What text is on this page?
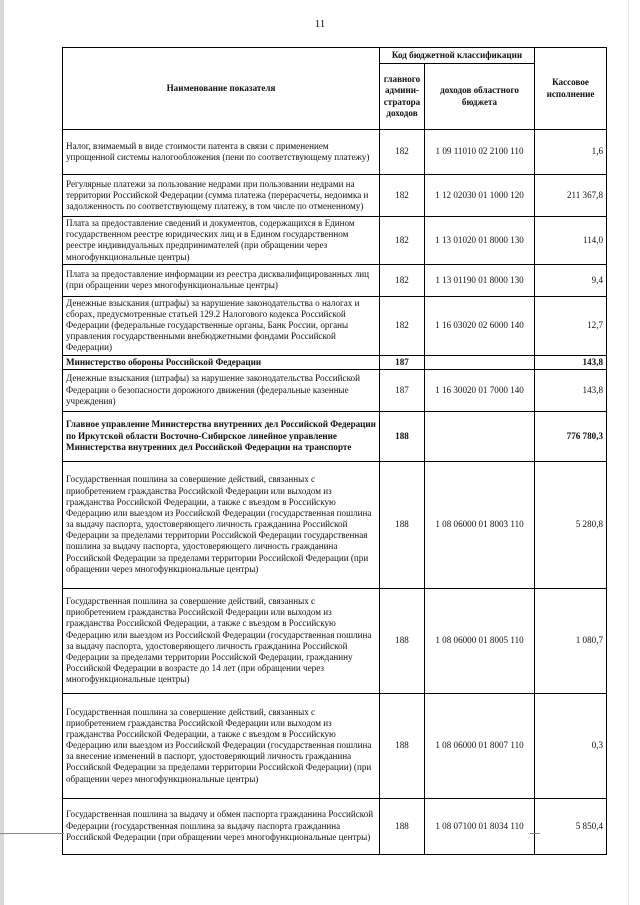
11
Наименование показателя	Код бюджетной классификации		Кассовое исполнение
	главного админи-стратора доходов	доходов областного бюджета	
Налог, взимаемый в виде стоимости патента в связи с применением упрощенной системы налогообложения (пени по соответствующему платежу)	182	1 09 11010 02 2100 110	1,6
Регулярные платежи за пользование недрами при пользовании недрами на территории Российской Федерации (сумма платежа (перерасчеты, недоимка и задолженность по соответствующему платежу, в том числе по отмененному)	182	1 12 02030 01 1000 120	211 367,8
Плата за предоставление сведений и документов, содержащихся в Едином государственном реестре юридических лиц и в Едином государственном реестре индивидуальных предпринимателей (при обращении через многофункциональные центры)	182	1 13 01020 01 8000 130	114,0
Плата за предоставление информации из реестра дисквалифицированных лиц (при обращении через многофункциональные центры)	182	1 13 01190 01 8000 130	9,4
Денежные взыскания (штрафы) за нарушение законодательства о налогах и сборах, предусмотренные статьей 129.2 Налогового кодекса Российской Федерации (федеральные государственные органы, Банк России, органы управления государственными внебюджетными фондами Российской Федерации)	182	1 16 03020 02 6000 140	12,7
Министерство обороны Российской Федерации	187		143,8
Денежные взыскания (штрафы) за нарушение законодательства Российской Федерации о безопасности дорожного движения (федеральные казенные учреждения)	187	1 16 30020 01 7000 140	143,8
Главное управление Министерства внутренних дел Российской Федерации по Иркутской области Восточно-Сибирское линейное управление Министерства внутренних дел Российской Федерации на транспорте	188		776 780,3
Государственная пошлина за совершение действий, связанных с приобретением гражданства Российской Федерации или выходом из гражданства Российской Федерации, а также с въездом в Российскую Федерацию или выездом из Российской Федерации (государственная пошлина за выдачу паспорта, удостоверяющего личность гражданина Российской Федерации за пределами территории Российской Федерации государственная пошлина за выдачу паспорта, удостоверяющего личность гражданина Российской Федерации за пределами территории Российской Федерации (при обращении через многофункциональные центры)	188	1 08 06000 01 8003 110	5 280,8
Государственная пошлина за совершение действий, связанных с приобретением гражданства Российской Федерации или выходом из гражданства Российской Федерации, а также с въездом в Российскую Федерацию или выездом из Российской Федерации (государственная пошлина за выдачу паспорта, удостоверяющего личность гражданина Российской Федерации за пределами территории Российской Федерации, гражданину Российской Федерации в возрасте до 14 лет (при обращении через многофункциональные центры)	188	1 08 06000 01 8005 110	1 080,7
Государственная пошлина за совершение действий, связанных с приобретением гражданства Российской Федерации или выходом из гражданства Российской Федерации, а также с въездом в Российскую Федерацию или выездом из Российской Федерации (государственная пошлина за внесение изменений в паспорт, удостоверяющий личность гражданина Российской Федерации за пределами территории Российской Федерации) (при обращении через многофункциональные центры)	188	1 08 06000 01 8007 110	0,3
Государственная пошлина за выдачу и обмен паспорта гражданина Российской Федерации (государственная пошлина за выдачу паспорта гражданина Российской Федерации (при обращении через многофункциональные центры)	188	1 08 07100 01 8034 110	5 850,4
